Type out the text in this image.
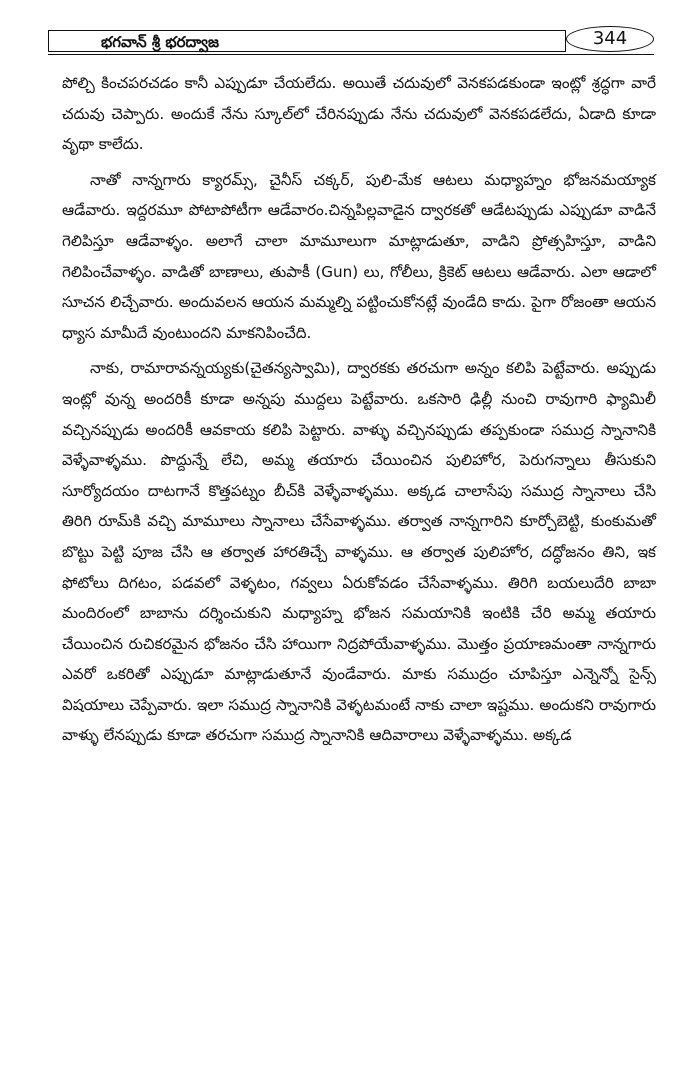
భగవాన్ శ్రీ భరద్వాజ	344

పోల్చి కించపరచడం కానీ ఎప్పుడూ చేయలేదు. అయితే చదువులో వెనకపడకుండా ఇంట్లో శ్రద్ధగా వారే చదువు చెప్పారు. అందుకే నేను స్కూల్‌లో చేరినప్పుడు నేను చదువులో వెనకపడలేదు, ఏడాది కూడా వృథా కాలేదు.

నాతో నాన్నగారు క్యారమ్స్, చైనీస్ చక్కర్, పులి-మేక ఆటలు మధ్యాహ్నం భోజనమయ్యాక ఆడేవారు. ఇద్దరమూ పోటాపోటీగా ఆడేవారం.చిన్నపిల్లవాడైన ద్వారకతో ఆడేటప్పుడు ఎప్పుడూ వాడినే గెలిపిస్తూ ఆడేవాళ్ళం. అలాగే చాలా మామూలుగా మాట్లాడుతూ, వాడిని ప్రోత్సహిస్తూ, వాడిని గెలిపించేవాళ్ళం. వాడితో బాణాలు, తుపాకీ (Gun) లు, గోలీలు, క్రికెట్ ఆటలు ఆడేవారు. ఎలా ఆడాలో సూచన లిచ్చేవారు. అందువలన ఆయన మమ్మల్ని పట్టించుకోనట్లే వుండేది కాదు. పైగా రోజంతా ఆయన ధ్యాస మామీదే వుంటుందని మాకనిపించేది.

నాకు, రామారావన్నయ్యకు(చైతన్యస్వామి), ద్వారకకు తరచుగా అన్నం కలిపి పెట్టేవారు. అప్పుడు ఇంట్లో వున్న అందరికీ కూడా అన్నపు ముద్దలు పెట్టేవారు. ఒకసారి ఢిల్లీ నుంచి రావుగారి ఫ్యామిలీ వచ్చినప్పుడు అందరికీ ఆవకాయ కలిపి పెట్టారు. వాళ్ళు వచ్చినప్పుడు తప్పకుండా సముద్ర స్నానానికి వెళ్ళేవాళ్ళము. పొద్దున్నే లేచి, అమ్మ తయారు చేయించిన పులిహోర, పెరుగన్నాలు తీసుకుని సూర్యోదయం దాటగానే కొత్తపట్నం బీచ్‌కి వెళ్ళేవాళ్ళము. అక్కడ చాలాసేపు సముద్ర స్నానాలు చేసి తిరిగి రూమ్‌కి వచ్చి మామూలు స్నానాలు చేసేవాళ్ళము. తర్వాత నాన్నగారిని కూర్చోబెట్టి, కుంకుమతో బొట్టు పెట్టి పూజ చేసి ఆ తర్వాత హారతిచ్చే వాళ్ళము. ఆ తర్వాత పులిహోర, దద్ధోజనం తిని, ఇక ఫోటోలు దిగటం, పడవలో వెళ్ళటం, గవ్వలు ఏరుకోవడం చేసేవాళ్ళము. తిరిగి బయలుదేరి బాబా మందిరంలో బాబాను దర్శించుకుని మధ్యాహ్న భోజన సమయానికి ఇంటికి చేరి అమ్మ తయారు చేయించిన రుచికరమైన భోజనం చేసి హాయిగా నిద్రపోయేవాళ్ళము. మొత్తం ప్రయాణమంతా నాన్నగారు ఎవరో ఒకరితో ఎప్పుడూ మాట్లాడుతూనే వుండేవారు. మాకు సముద్రం చూపిస్తూ ఎన్నెన్నో సైన్స్ విషయాలు చెప్పేవారు. ఇలా సముద్ర స్నానానికి వెళ్ళటమంటే నాకు చాలా ఇష్టము. అందుకని రావుగారు వాళ్ళు లేనప్పుడు కూడా తరచుగా సముద్ర స్నానానికి ఆదివారాలు వెళ్ళేవాళ్ళము. అక్కడ
